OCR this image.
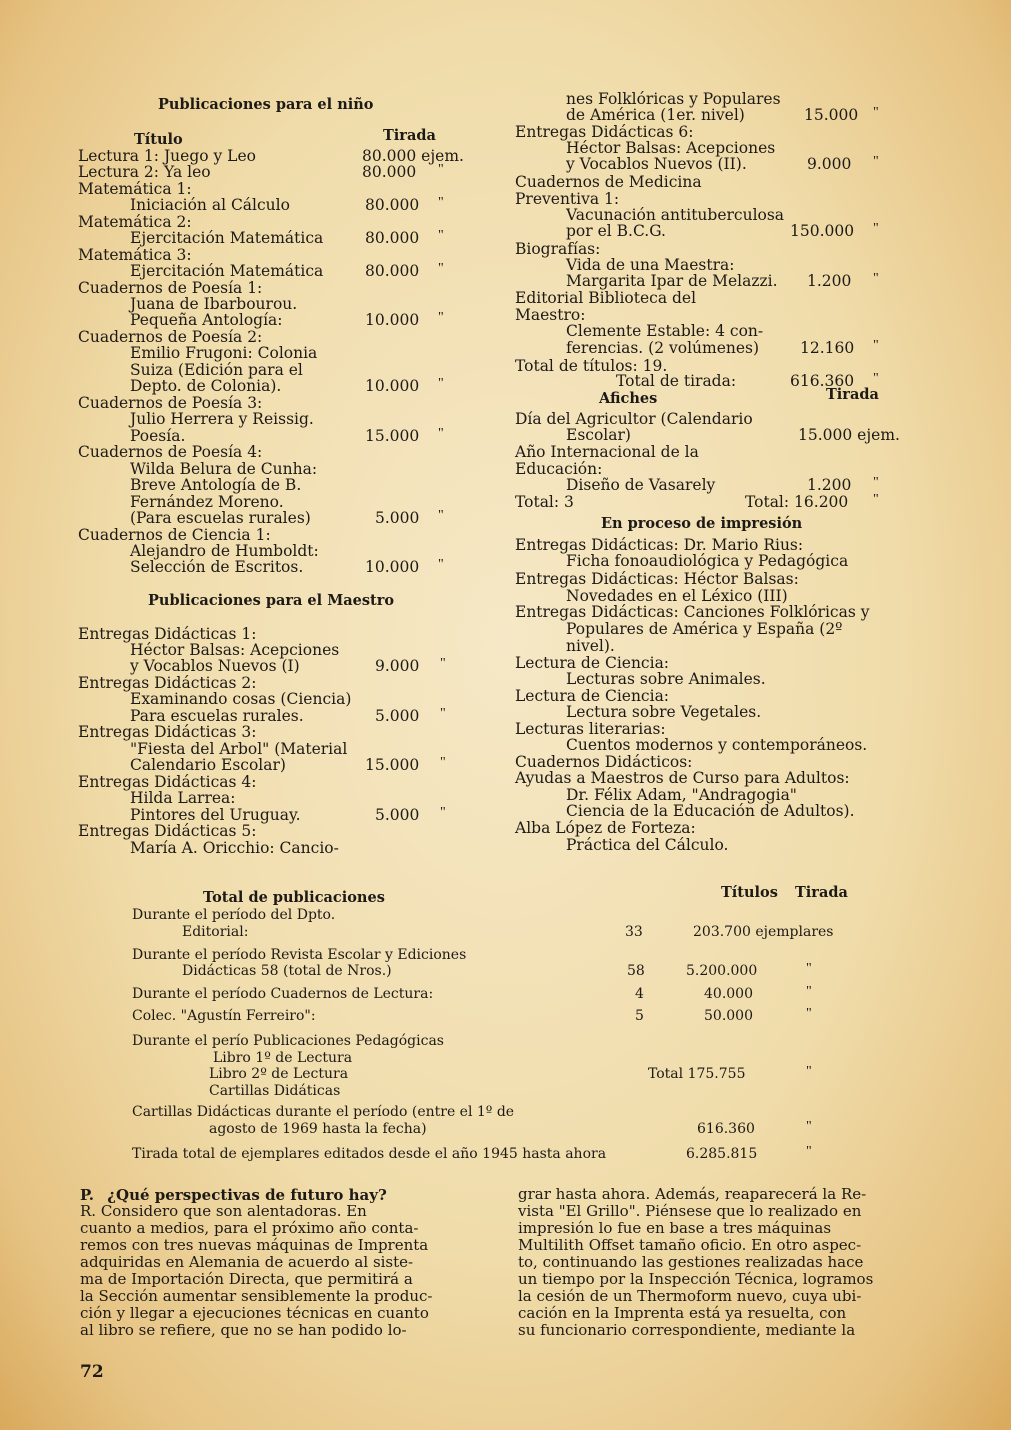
Publicaciones para el niño
Título	Tirada
Lectura 1: Juego y Leo	80.000 ejem.
Lectura 2: Ya leo	80.000 "
Matemática 1:
Iniciación al Cálculo	80.000 "
Matemática 2:
Ejercitación Matemática	80.000 "
Matemática 3:
Ejercitación Matemática	80.000 "
Cuadernos de Poesía 1:
Juana de Ibarbourou.
Pequeña Antología:	10.000 "
Cuadernos de Poesía 2:
Emilio Frugoni: Colonia
Suiza (Edición para el
Depto. de Colonia).	10.000 "
Cuadernos de Poesía 3:
Julio Herrera y Reissig.
Poesía.	15.000 "
Cuadernos de Poesía 4:
Wilda Belura de Cunha:
Breve Antología de B.
Fernández Moreno.
(Para escuelas rurales)	5.000 "
Cuadernos de Ciencia 1:
Alejandro de Humboldt:
Selección de Escritos.	10.000 "
Publicaciones para el Maestro
Entregas Didácticas 1:
Héctor Balsas: Acepciones
y Vocablos Nuevos (I)	9.000 "
Entregas Didácticas 2:
Examinando cosas (Ciencia)
Para escuelas rurales.	5.000 "
Entregas Didácticas 3:
"Fiesta del Arbol" (Material
Calendario Escolar)	15.000 "
Entregas Didácticas 4:
Hilda Larrea:
Pintores del Uruguay.	5.000 "
Entregas Didácticas 5:
María A. Oricchio: Cancio-
nes Folklóricas y Populares
de América (1er. nivel)	15.000 "
Entregas Didácticas 6:
Héctor Balsas: Acepciones
y Vocablos Nuevos (II).	9.000 "
Cuadernos de Medicina
Preventiva 1:
Vacunación antituberculosa
por el B.C.G.	150.000 "
Biografías:
Vida de una Maestra:
Margarita Ipar de Melazzi. 1.200 "
Editorial Biblioteca del
Maestro:
Clemente Estable: 4 con-
ferencias. (2 volúmenes)	12.160 "
Total de títulos: 19.
Total de tirada:	616.360 "
Afiches	Tirada
Día del Agricultor (Calendario
Escolar)	15.000 ejem.
Año Internacional de la
Educación:
Diseño de Vasarely	1.200 "
Total: 3	Total: 16.200 "
En proceso de impresión
Entregas Didácticas: Dr. Mario Rius:
Ficha fonoaudiológica y Pedagógica
Entregas Didácticas: Héctor Balsas:
Novedades en el Léxico (III)
Entregas Didácticas: Canciones Folklóricas y
Populares de América y España (2º
nivel).
Lectura de Ciencia:
Lecturas sobre Animales.
Lectura de Ciencia:
Lectura sobre Vegetales.
Lecturas literarias:
Cuentos modernos y contemporáneos.
Cuadernos Didácticos:
Ayudas a Maestros de Curso para Adultos:
Dr. Félix Adam, "Andragogia"
Ciencia de la Educación de Adultos).
Alba López de Forteza:
Práctica del Cálculo.
Total de publicaciones	Títulos Tirada
Durante el período del Dpto.
Editorial:	33	203.700 ejemplares
Durante el período Revista Escolar y Ediciones
Didácticas 58 (total de Nros.)	58	5.200.000	"
Durante el período Cuadernos de Lectura:	4	40.000	"
Colec. "Agustín Ferreiro":	5	50.000	"
Durante el perío Publicaciones Pedagógicas
Libro 1º de Lectura
Libro 2º de Lectura	Total 175.755	"
Cartillas Didáticas
Cartillas Didácticas durante el período (entre el 1º de
agosto de 1969 hasta la fecha)	616.360	"
Tirada total de ejemplares editados desde el año 1945 hasta ahora	6.285.815	"
P. ¿Qué perspectivas de futuro hay?
R. Considero que son alentadoras. En
cuanto a medios, para el próximo año conta-
remos con tres nuevas máquinas de Imprenta
adquiridas en Alemania de acuerdo al siste-
ma de Importación Directa, que permitirá a
la Sección aumentar sensiblemente la produc-
ción y llegar a ejecuciones técnicas en cuanto
al libro se refiere, que no se han podido lo-
grar hasta ahora. Además, reaparecerá la Re-
vista "El Grillo". Piénsese que lo realizado en
impresión lo fue en base a tres máquinas
Multilith Offset tamaño oficio. En otro aspec-
to, continuando las gestiones realizadas hace
un tiempo por la Inspección Técnica, logramos
la cesión de un Thermoform nuevo, cuya ubi-
cación en la Imprenta está ya resuelta, con
su funcionario correspondiente, mediante la
72
